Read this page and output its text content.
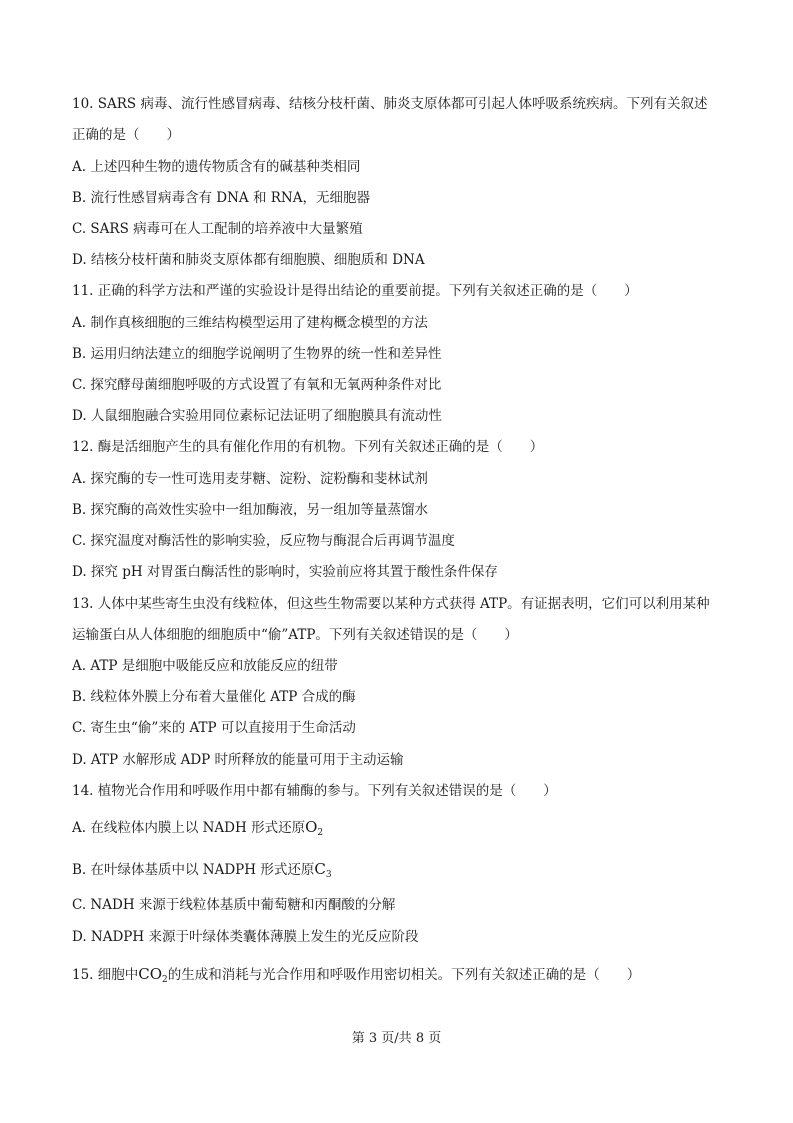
10. SARS 病毒、流行性感冒病毒、结核分枝杆菌、肺炎支原体都可引起人体呼吸系统疾病。下列有关叙述
正确的是（　　）
A. 上述四种生物的遗传物质含有的碱基种类相同
B. 流行性感冒病毒含有 DNA 和 RNA，无细胞器
C. SARS 病毒可在人工配制的培养液中大量繁殖
D. 结核分枝杆菌和肺炎支原体都有细胞膜、细胞质和 DNA
11. 正确的科学方法和严谨的实验设计是得出结论的重要前提。下列有关叙述正确的是（　　）
A. 制作真核细胞的三维结构模型运用了建构概念模型的方法
B. 运用归纳法建立的细胞学说阐明了生物界的统一性和差异性
C. 探究酵母菌细胞呼吸的方式设置了有氧和无氧两种条件对比
D. 人鼠细胞融合实验用同位素标记法证明了细胞膜具有流动性
12. 酶是活细胞产生的具有催化作用的有机物。下列有关叙述正确的是（　　）
A. 探究酶的专一性可选用麦芽糖、淀粉、淀粉酶和斐林试剂
B. 探究酶的高效性实验中一组加酶液，另一组加等量蒸馏水
C. 探究温度对酶活性的影响实验，反应物与酶混合后再调节温度
D. 探究 pH 对胃蛋白酶活性的影响时，实验前应将其置于酸性条件保存
13. 人体中某些寄生虫没有线粒体，但这些生物需要以某种方式获得 ATP。有证据表明，它们可以利用某种
运输蛋白从人体细胞的细胞质中“偷”ATP。下列有关叙述错误的是（　　）
A. ATP 是细胞中吸能反应和放能反应的纽带
B. 线粒体外膜上分布着大量催化 ATP 合成的酶
C. 寄生虫“偷”来的 ATP 可以直接用于生命活动
D. ATP 水解形成 ADP 时所释放的能量可用于主动运输
14. 植物光合作用和呼吸作用中都有辅酶的参与。下列有关叙述错误的是（　　）
A. 在线粒体内膜上以 NADH 形式还原$O_2$
B. 在叶绿体基质中以 NADPH 形式还原$C_3$
C. NADH 来源于线粒体基质中葡萄糖和丙酮酸的分解
D. NADPH 来源于叶绿体类囊体薄膜上发生的光反应阶段
15. 细胞中$CO_2$的生成和消耗与光合作用和呼吸作用密切相关。下列有关叙述正确的是（　　）
第 3 页/共 8 页
